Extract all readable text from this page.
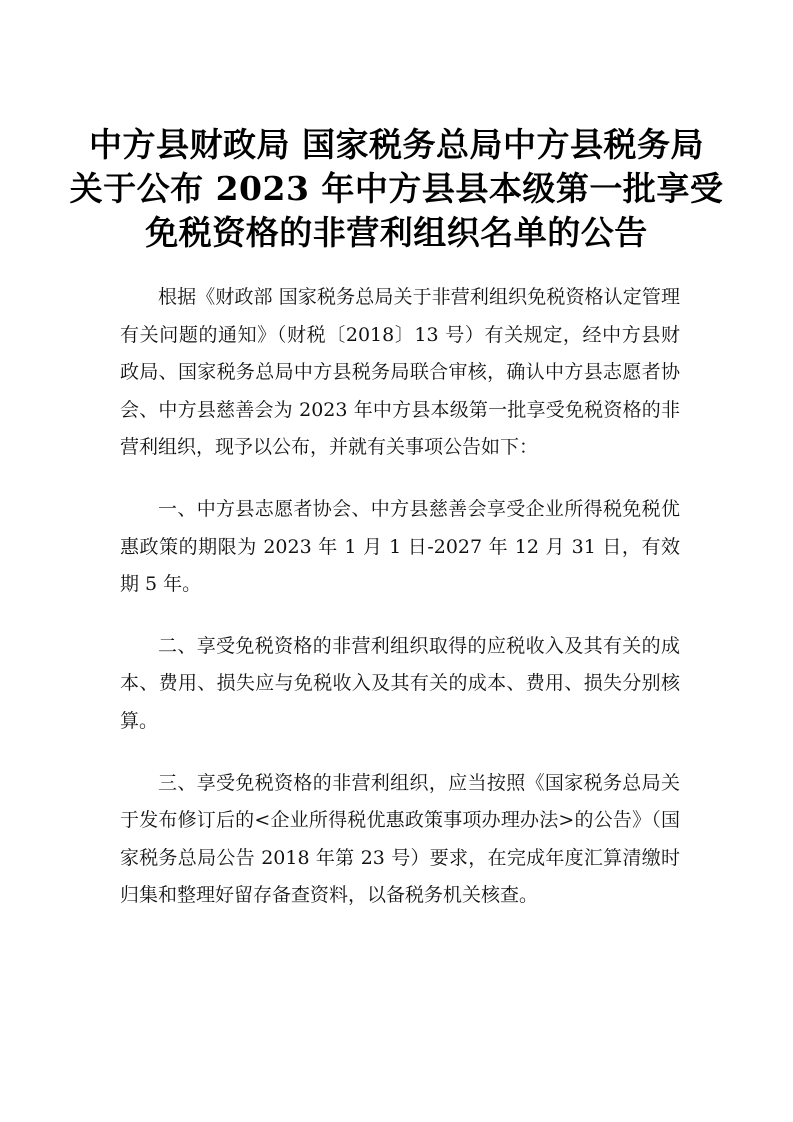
中方县财政局 国家税务总局中方县税务局
关于公布 2023 年中方县县本级第一批享受
免税资格的非营利组织名单的公告

根据《财政部 国家税务总局关于非营利组织免税资格认定管理有关问题的通知》（财税〔2018〕13 号）有关规定，经中方县财政局、国家税务总局中方县税务局联合审核，确认中方县志愿者协会、中方县慈善会为 2023 年中方县本级第一批享受免税资格的非营利组织，现予以公布，并就有关事项公告如下：

一、中方县志愿者协会、中方县慈善会享受企业所得税免税优惠政策的期限为 2023 年 1 月 1 日-2027 年 12 月 31 日，有效期 5 年。

二、享受免税资格的非营利组织取得的应税收入及其有关的成本、费用、损失应与免税收入及其有关的成本、费用、损失分别核算。

三、享受免税资格的非营利组织，应当按照《国家税务总局关于发布修订后的<企业所得税优惠政策事项办理办法>的公告》（国家税务总局公告 2018 年第 23 号）要求，在完成年度汇算清缴时归集和整理好留存备查资料，以备税务机关核查。
